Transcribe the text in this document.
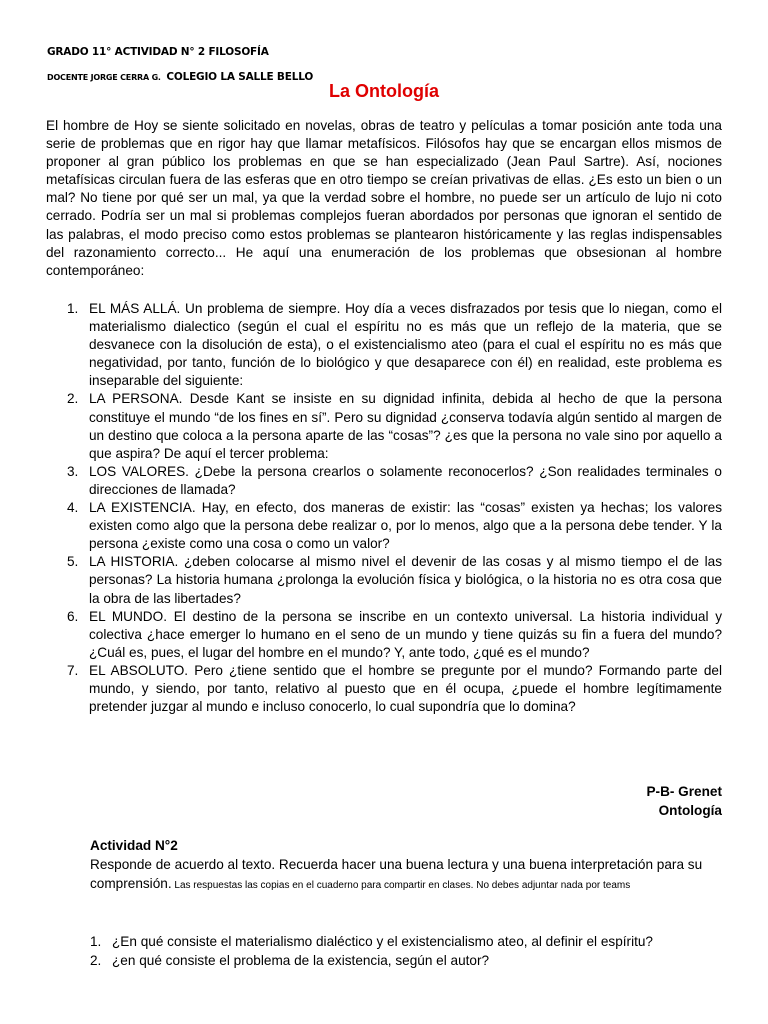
GRADO 11° ACTIVIDAD N° 2 FILOSOFÍA
DOCENTE JORGE CERRA G. COLEGIO LA SALLE BELLO
La Ontología

El hombre de Hoy se siente solicitado en novelas, obras de teatro y películas a tomar posición ante toda una serie de problemas que en rigor hay que llamar metafísicos. Filósofos hay que se encargan ellos mismos de proponer al gran público los problemas en que se han especializado (Jean Paul Sartre). Así, nociones metafísicas circulan fuera de las esferas que en otro tiempo se creían privativas de ellas. ¿Es esto un bien o un mal? No tiene por qué ser un mal, ya que la verdad sobre el hombre, no puede ser un artículo de lujo ni coto cerrado. Podría ser un mal si problemas complejos fueran abordados por personas que ignoran el sentido de las palabras, el modo preciso como estos problemas se plantearon históricamente y las reglas indispensables del razonamiento correcto... He aquí una enumeración de los problemas que obsesionan al hombre contemporáneo:

1. EL MÁS ALLÁ. Un problema de siempre. Hoy día a veces disfrazados por tesis que lo niegan, como el materialismo dialectico (según el cual el espíritu no es más que un reflejo de la materia, que se desvanece con la disolución de esta), o el existencialismo ateo (para el cual el espíritu no es más que negatividad, por tanto, función de lo biológico y que desaparece con él) en realidad, este problema es inseparable del siguiente:
2. LA PERSONA. Desde Kant se insiste en su dignidad infinita, debida al hecho de que la persona constituye el mundo “de los fines en sí”. Pero su dignidad ¿conserva todavía algún sentido al margen de un destino que coloca a la persona aparte de las “cosas”? ¿es que la persona no vale sino por aquello a que aspira? De aquí el tercer problema:
3. LOS VALORES. ¿Debe la persona crearlos o solamente reconocerlos? ¿Son realidades terminales o direcciones de llamada?
4. LA EXISTENCIA. Hay, en efecto, dos maneras de existir: las “cosas” existen ya hechas; los valores existen como algo que la persona debe realizar o, por lo menos, algo que a la persona debe tender. Y la persona ¿existe como una cosa o como un valor?
5. LA HISTORIA. ¿deben colocarse al mismo nivel el devenir de las cosas y al mismo tiempo el de las personas? La historia humana ¿prolonga la evolución física y biológica, o la historia no es otra cosa que la obra de las libertades?
6. EL MUNDO. El destino de la persona se inscribe en un contexto universal. La historia individual y colectiva ¿hace emerger lo humano en el seno de un mundo y tiene quizás su fin a fuera del mundo? ¿Cuál es, pues, el lugar del hombre en el mundo? Y, ante todo, ¿qué es el mundo?
7. EL ABSOLUTO. Pero ¿tiene sentido que el hombre se pregunte por el mundo? Formando parte del mundo, y siendo, por tanto, relativo al puesto que en él ocupa, ¿puede el hombre legítimamente pretender juzgar al mundo e incluso conocerlo, lo cual supondría que lo domina?
P-B- Grenet
Ontología
Actividad N°2

Responde de acuerdo al texto. Recuerda hacer una buena lectura y una buena interpretación para su comprensión. Las respuestas las copias en el cuaderno para compartir en clases. No debes adjuntar nada por teams

1. ¿En qué consiste el materialismo dialéctico y el existencialismo ateo, al definir el espíritu?
2. ¿en qué consiste el problema de la existencia, según el autor?
